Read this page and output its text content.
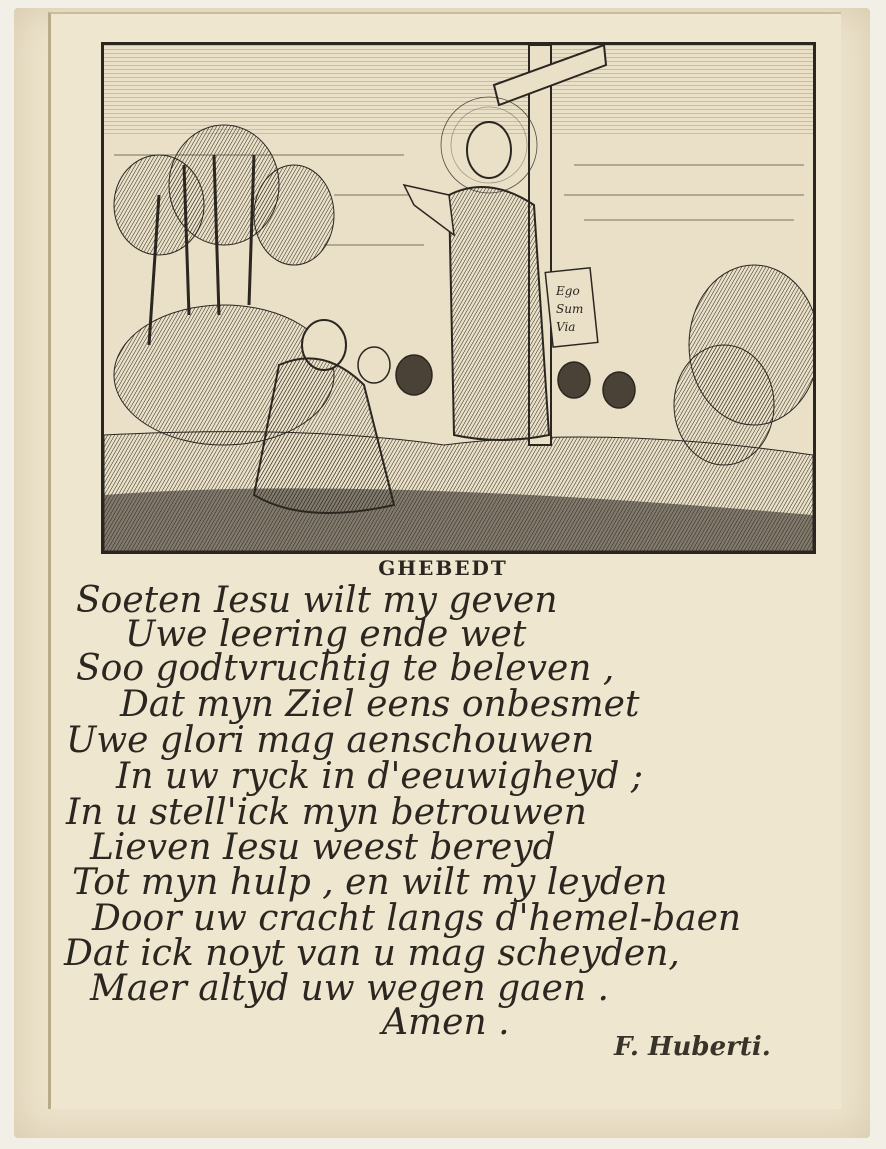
Ego
Sum
Via
GHEBEDT
Soeten Iesu wilt my geven
Uwe leering ende wet
Soo godtvruchtig te beleven ,
Dat myn Ziel eens onbesmet
Uwe glori mag aenschouwen
In uw ryck in d'eeuwigheyd ;
In u stell'ick myn betrouwen
Lieven Iesu weest bereyd
Tot myn hulp , en wilt my leyden
Door uw cracht langs d'hemel-baen
Dat ick noyt van u mag scheyden,
Maer altyd uw wegen gaen .
Amen .
F. Huberti.
